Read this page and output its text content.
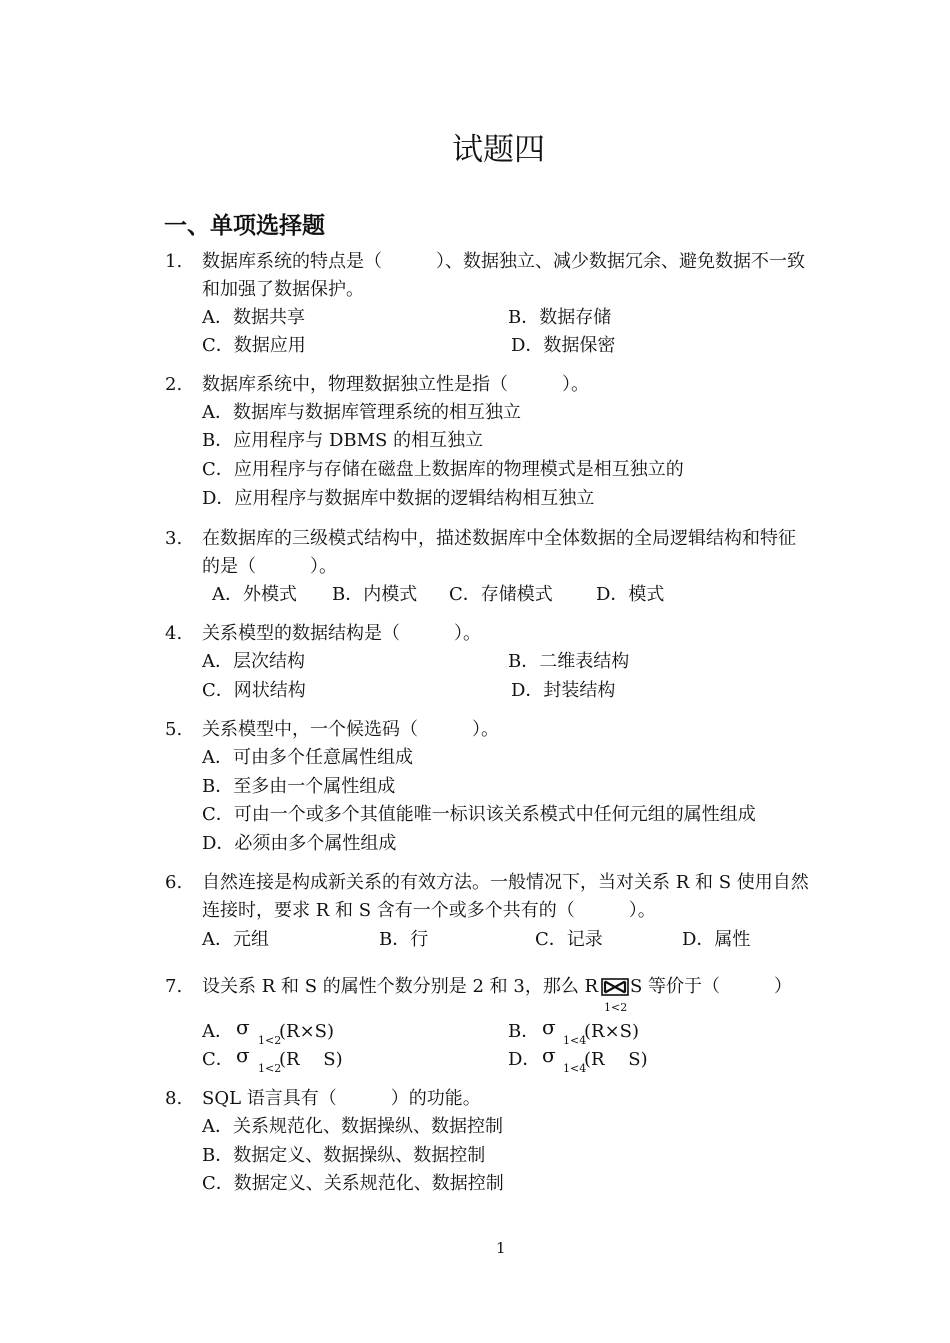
试题四
一、单项选择题
1. 数据库系统的特点是（　　　）、数据独立、减少数据冗余、避免数据不一致
和加强了数据保护。
A．数据共享	B．数据存储
C．数据应用	D．数据保密
2. 数据库系统中，物理数据独立性是指（　　　）。
A．数据库与数据库管理系统的相互独立
B．应用程序与 DBMS 的相互独立
C．应用程序与存储在磁盘上数据库的物理模式是相互独立的
D．应用程序与数据库中数据的逻辑结构相互独立
3. 在数据库的三级模式结构中，描述数据库中全体数据的全局逻辑结构和特征
的是（　　　）。
A．外模式 B．内模式 C．存储模式 D．模式
4. 关系模型的数据结构是（　　　）。
A．层次结构	B．二维表结构
C．网状结构	D．封装结构
5. 关系模型中，一个候选码（　　　）。
A．可由多个任意属性组成
B．至多由一个属性组成
C．可由一个或多个其值能唯一标识该关系模式中任何元组的属性组成
D．必须由多个属性组成
6. 自然连接是构成新关系的有效方法。一般情况下，当对关系 R 和 S 使用自然
连接时，要求 R 和 S 含有一个或多个共有的（　　　）。
A．元组	B．行	C．记录	D．属性
7. 设关系 R 和 S 的属性个数分别是 2 和 3，那么 R S 等价于（　　　）
1<2
A． σ
1<2
(R×S)	B． σ
1<4
(R×S)
C． σ
1<2
(R　 S)	D． σ
1<4
(R　 S)
8. SQL 语言具有（　　　）的功能。
A．关系规范化、数据操纵、数据控制
B．数据定义、数据操纵、数据控制
C．数据定义、关系规范化、数据控制
1
